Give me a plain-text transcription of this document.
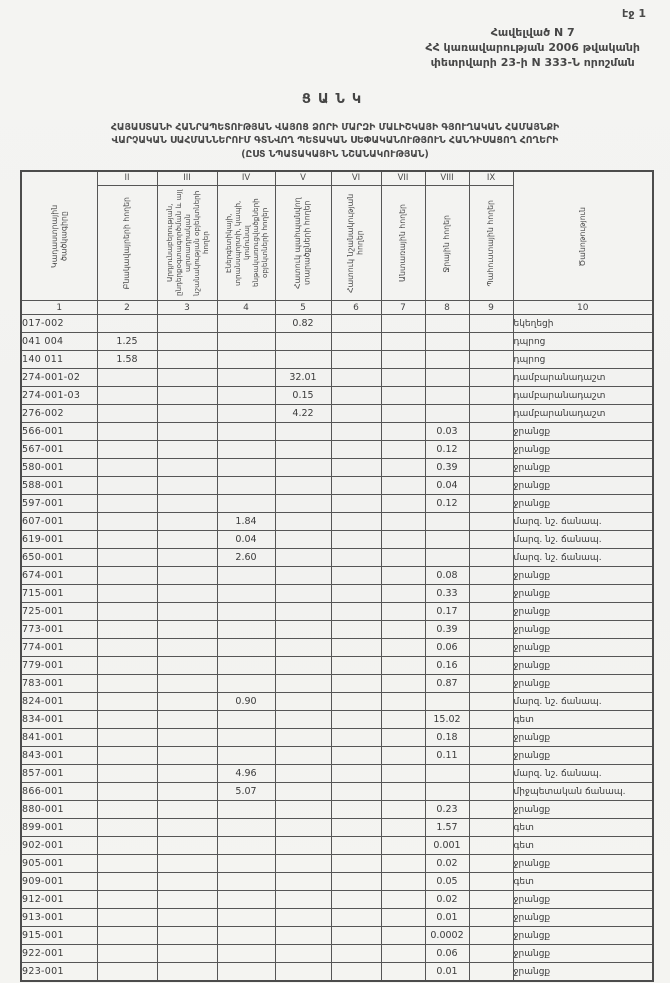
էջ 1
Հավելված N 7
ՀՀ կառավարության 2006 թվականի
փետրվարի 23-ի N 333-Ն որոշման
ՑԱՆԿ
ՀԱՅԱՍՏԱՆԻ ՀԱՆՐԱՊԵՏՈՒԹՅԱՆ ՎԱՅՈՑ ՁՈՐԻ ՄԱՐԶԻ ՄԱԼԻՇԿԱՅԻ ԳՅՈՒՂԱԿԱՆ ՀԱՄԱՅՆՔԻ
ՎԱՐՉԱԿԱՆ ՍԱՀՄԱՆՆԵՐՈՒՄ ԳՏՆՎՈՂ ՊԵՏԱԿԱՆ ՍԵՓԱԿԱՆՈՒԹՅՈՒՆ ՀԱՆԴԻՍԱՑՈՂ ՀՈՂԵՐԻ
(ԸՍՏ ՆՊԱՏԱԿԱՅԻՆ ՆՇԱՆԱԿՈՒԹՅԱՆ)
Կադաստրային ծածկագիրը

II
Բնակավայրերի հողեր

III
Արդյունաբերության, ընդերքօգտագործման և այլ արտադրական նշանակության օբյեկտների հողեր

IV
Էներգետիկայի, տրանսպորտի, կապի, կոմունալ ենթակառուցվածքների օբյեկտների հողեր

V
Հատուկ պահպանվող տարածքների հողեր

VI
Հատուկ նշանակության հողեր

VII
Անտառային հողեր

VIII
Ջրային հողեր

IX
Պահուստային հողեր	Ծանոթություն

1	2	3	4	5	6	7	8	9	10
017-002				0.82					եկեղեցի
041 004	1.25								դպրոց
140 011	1.58								դպրոց
274-001-02				32.01					դամբարանադաշտ
274-001-03				0.15					դամբարանադաշտ
276-002				4.22					դամբարանադաշտ
566-001							0.03		ջրանցք
567-001							0.12		ջրանցք
580-001							0.39		ջրանցք
588-001							0.04		ջրանցք
597-001							0.12		ջրանցք
607-001			1.84						մարզ. նշ. ճանապ.
619-001			0.04						մարզ. նշ. ճանապ.
650-001			2.60						մարզ. նշ. ճանապ.
674-001							0.08		ջրանցք
715-001							0.33		ջրանցք
725-001							0.17		ջրանցք
773-001							0.39		ջրանցք
774-001							0.06		ջրանցք
779-001							0.16		ջրանցք
783-001							0.87		ջրանցք
824-001			0.90						մարզ. նշ. ճանապ.
834-001							15.02		գետ
841-001							0.18		ջրանցք
843-001							0.11		ջրանցք
857-001			4.96						մարզ. նշ. ճանապ.
866-001			5.07						միջպետական ճանապ.
880-001							0.23		ջրանցք
899-001							1.57		գետ
902-001							0.001		գետ
905-001							0.02		ջրանցք
909-001							0.05		գետ
912-001							0.02		ջրանցք
913-001							0.01		ջրանցք
915-001							0.0002		ջրանցք
922-001							0.06		ջրանցք
923-001							0.01		ջրանցք
